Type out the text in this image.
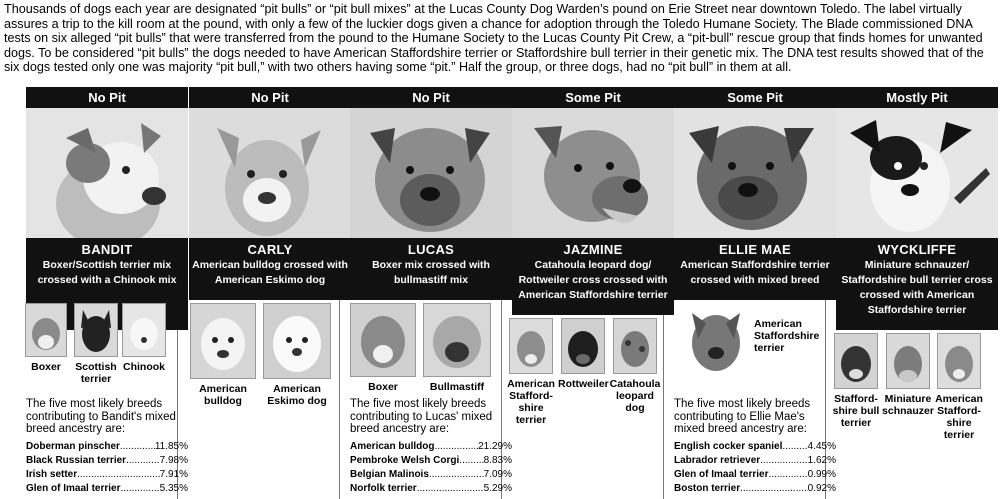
Thousands of dogs each year are designated “pit bulls” or “pit bull mixes” at the Lucas County Dog Warden’s pound on Erie Street near downtown Toledo. The label virtually assures a trip to the kill room at the pound, with only a few of the luckier dogs given a chance for adoption through the Toledo Humane Society. The Blade commissioned DNA tests on six alleged “pit bulls” that were transferred from the pound to the Humane Society to the Lucas County Pit Crew, a “pit-bull” rescue group that finds homes for unwanted dogs. To be considered “pit bulls” the dogs needed to have American Staffordshire terrier or Staffordshire bull terrier in their genetic mix. The DNA test results showed that of the six dogs tested only one was majority “pit bull,” with two others having some “pit.” Half the group, or three dogs, had no “pit bull” in them at all.
No Pit
BANDIT
Boxer/Scottish terrier mix crossed with a Chinook mix
Boxer	Scottish terrier
Chinook
The five most likely breeds contributing to Bandit's mixed breed ancestry are:
Doberman pinscher .....	11.85%
Black Russian terrier .....	7.98%
Irish setter .....	7.91%
Glen of Imaal terrier .....	5.35%
No Pit
CARLY
American bulldog crossed with American Eskimo dog
American bulldog
American Eskimo dog
No Pit
LUCAS
Boxer mix crossed with bullmastiff mix
Boxer	Bullmastiff
The five most likely breeds contributing to Lucas' mixed breed ancestry are:
American bulldog .....	21.29%
Pembroke Welsh Corgi ..... 8.83%
Belgian Malinois .....	7.09%
Norfolk terrier .....	5.29%
Some Pit
JAZMINE
Catahoula leopard dog/ Rottweiler cross crossed with American Staffordshire terrier
American Stafford-shire terrier
Rottweiler Catahoula leopard dog
Some Pit
ELLIE MAE
American Staffordshire terrier crossed with mixed breed
American Staffordshire terrier
The five most likely breeds contributing to Ellie Mae's mixed breed ancestry are:
English cocker spaniel .....	4.45%
Labrador retriever .....	1.62%
Glen of Imaal terrier .....	0.99%
Boston terrier .....	0.92%
Mostly Pit
WYCKLIFFE
Miniature schnauzer/ Staffordshire bull terrier cross crossed with American Staffordshire terrier
Stafford-shire bull terrier
Miniature schnauzer
American Stafford-shire terrier
